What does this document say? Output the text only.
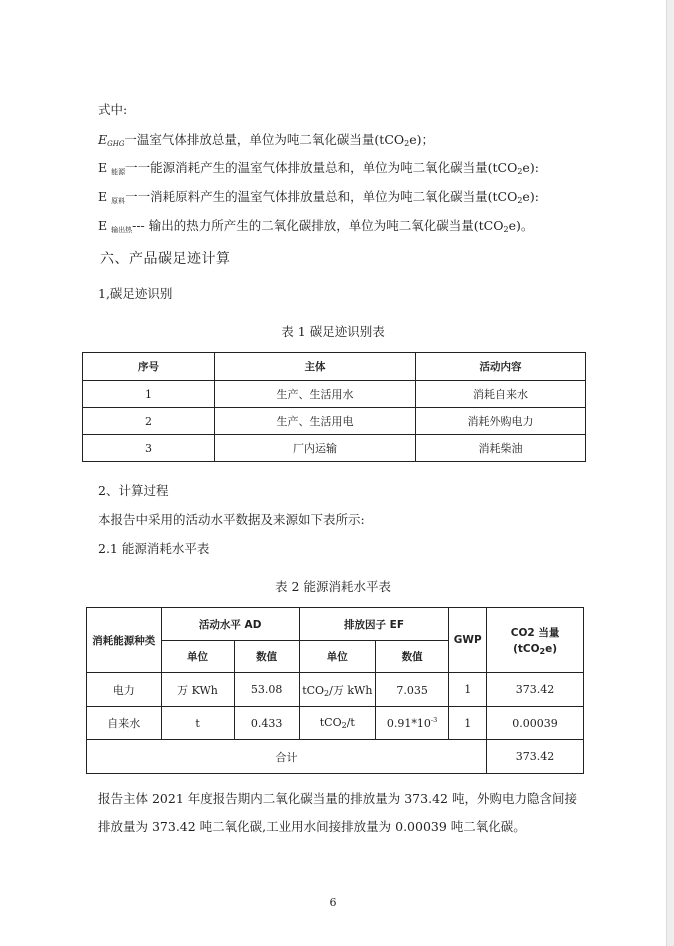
式中:
EGHG一温室气体排放总量，单位为吨二氧化碳当量(tCO$_2$e)；
E 能源一一能源消耗产生的温室气体排放量总和，单位为吨二氧化碳当量(tCO$_2$e):
E 原料一一消耗原料产生的温室气体排放量总和，单位为吨二氧化碳当量(tCO$_2$e):
E 输出热--- 输出的热力所产生的二氧化碳排放，单位为吨二氧化碳当量(tCO$_2$e)。
六、产品碳足迹计算
1,碳足迹识别
表 1 碳足迹识别表
序号	主体	活动内容
1	生产、生活用水	消耗自来水
2	生产、生活用电	消耗外购电力
3	厂内运输	消耗柴油
2、计算过程
本报告中采用的活动水平数据及来源如下表所示:
2.1 能源消耗水平表
表 2 能源消耗水平表
消耗能源种类	活动水平 AD		排放因子 EF		GWP	CO2 当量
(tCO$_2$e)

	单位	数值	单位	数值		
电力	万 KWh	53.08	tCO$_2$/万 kWh	7.035	1	373.42
自来水	t	0.433	tCO$_2$/t	$0.91*10^{-3}$	1	0.00039
合计						373.42
报告主体 2021 年度报告期内二氧化碳当量的排放量为 373.42 吨，外购电力隐含间接
排放量为 373.42 吨二氧化碳,工业用水间接排放量为 0.00039 吨二氧化碳。
6
